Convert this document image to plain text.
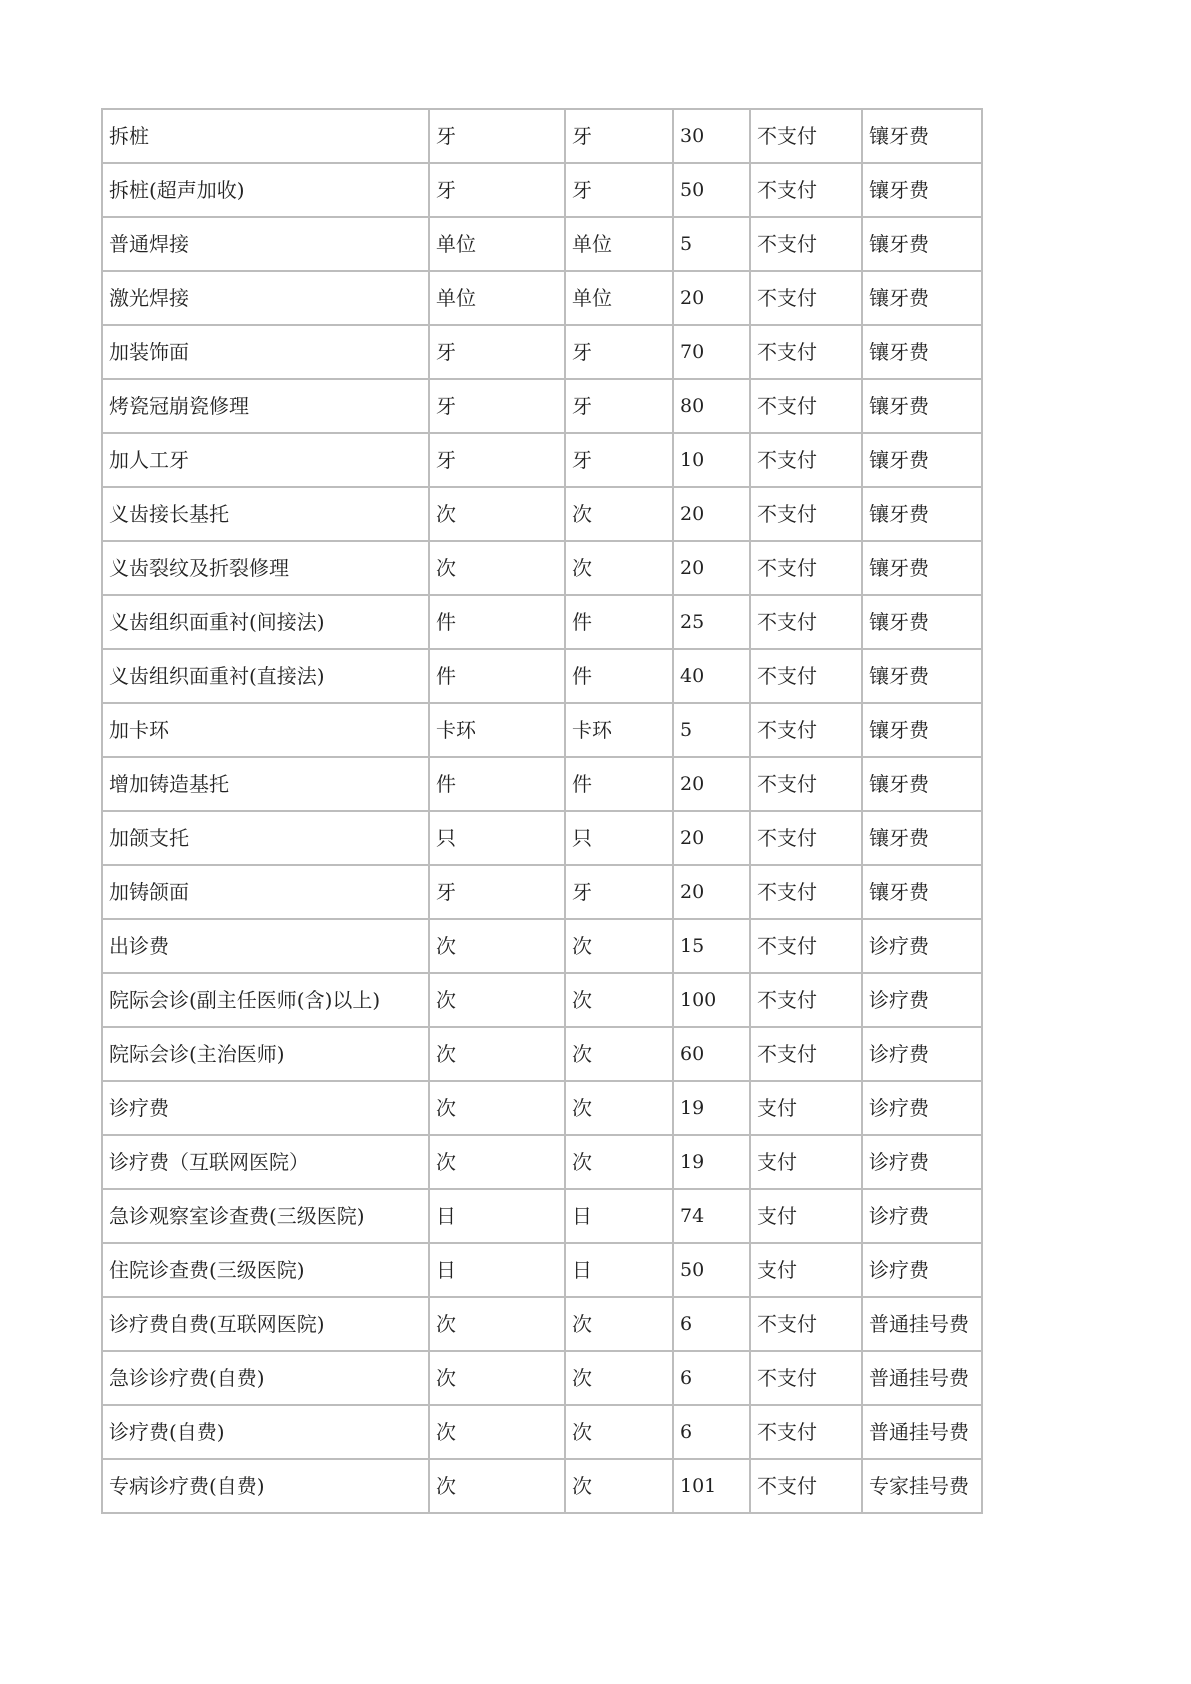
拆桩	牙	牙	30	不支付	镶牙费
拆桩(超声加收)	牙	牙	50	不支付	镶牙费
普通焊接	单位	单位	5	不支付	镶牙费
激光焊接	单位	单位	20	不支付	镶牙费
加装饰面	牙	牙	70	不支付	镶牙费
烤瓷冠崩瓷修理	牙	牙	80	不支付	镶牙费
加人工牙	牙	牙	10	不支付	镶牙费
义齿接长基托	次	次	20	不支付	镶牙费
义齿裂纹及折裂修理	次	次	20	不支付	镶牙费
义齿组织面重衬(间接法)	件	件	25	不支付	镶牙费
义齿组织面重衬(直接法)	件	件	40	不支付	镶牙费
加卡环	卡环	卡环	5	不支付	镶牙费
增加铸造基托	件	件	20	不支付	镶牙费
加颌支托	只	只	20	不支付	镶牙费
加铸颌面	牙	牙	20	不支付	镶牙费
出诊费	次	次	15	不支付	诊疗费
院际会诊(副主任医师(含)以上)	次	次	100	不支付	诊疗费
院际会诊(主治医师)	次	次	60	不支付	诊疗费
诊疗费	次	次	19	支付	诊疗费
诊疗费（互联网医院）	次	次	19	支付	诊疗费
急诊观察室诊查费(三级医院)	日	日	74	支付	诊疗费
住院诊查费(三级医院)	日	日	50	支付	诊疗费
诊疗费自费(互联网医院)	次	次	6	不支付	普通挂号费
急诊诊疗费(自费)	次	次	6	不支付	普通挂号费
诊疗费(自费)	次	次	6	不支付	普通挂号费
专病诊疗费(自费)	次	次	101	不支付	专家挂号费
